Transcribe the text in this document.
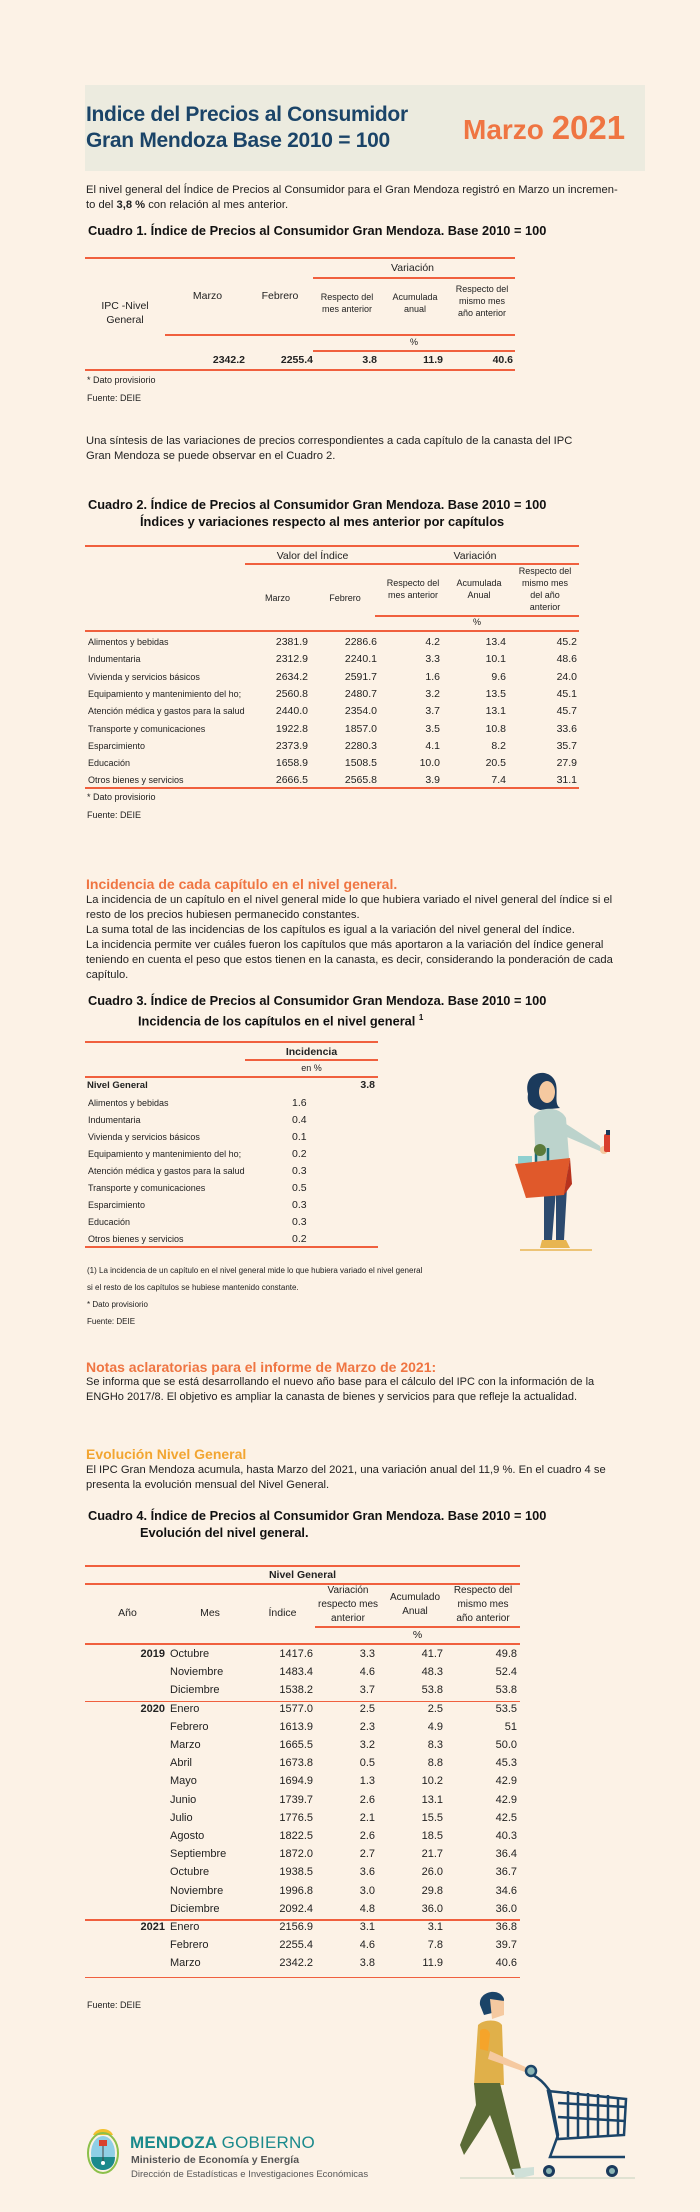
Indice del Precios al Consumidor
Gran Mendoza Base 2010 = 100	Marzo 2021
El nivel general del Índice de Precios al Consumidor para el Gran Mendoza registró en Marzo un incremen-
to del 3,8 % con relación al mes anterior.
Cuadro 1. Índice de Precios al Consumidor Gran Mendoza. Base 2010 = 100
Variación
IPC -Nivel
General
Marzo	Febrero	Respecto del
mes anterior
Acumulada
anual
Respecto del
mismo mes
año anterior
%
2342.2	2255.4	3.8	11.9	40.6
* Dato provisiorio
Fuente: DEIE
Una síntesis de las variaciones de precios correspondientes a cada capítulo de la canasta del IPC
Gran Mendoza se puede observar en el Cuadro 2.
Cuadro 2. Índice de Precios al Consumidor Gran Mendoza. Base 2010 = 100
Índices y variaciones respecto al mes anterior por capítulos
Valor del Índice	Variación
Marzo	Febrero
Respecto del
mes anterior
Acumulada
Anual
Respecto del
mismo mes
del año
anterior
%
Alimentos y bebidas	2381.9	2286.6	4.2	13.4	45.2
Indumentaria	2312.9	2240.1	3.3	10.1	48.6
Vivienda y servicios básicos	2634.2	2591.7	1.6	9.6	24.0
Equipamiento y mantenimiento del ho;	2560.8	2480.7	3.2	13.5	45.1
Atención médica y gastos para la salud	2440.0	2354.0	3.7	13.1	45.7
Transporte y comunicaciones	1922.8	1857.0	3.5	10.8	33.6
Esparcimiento	2373.9	2280.3	4.1	8.2	35.7
Educación	1658.9	1508.5	10.0	20.5	27.9
Otros bienes y servicios	2666.5	2565.8	3.9	7.4	31.1
* Dato provisiorio
Fuente: DEIE
Incidencia de cada capítulo en el nivel general.
La incidencia de un capítulo en el nivel general mide lo que hubiera variado el nivel general del índice si el
resto de los precios hubiesen permanecido constantes.
La suma total de las incidencias de los capítulos es igual a la variación del nivel general del índice.
La incidencia permite ver cuáles fueron los capítulos que más aportaron a la variación del índice general
teniendo en cuenta el peso que estos tienen en la canasta, es decir, considerando la ponderación de cada
capítulo.
Cuadro 3. Índice de Precios al Consumidor Gran Mendoza. Base 2010 = 100
Incidencia de los capítulos en el nivel general $^1$
Incidencia
en %
Nivel General	3.8
Alimentos y bebidas	1.6
Indumentaria	0.4
Vivienda y servicios básicos	0.1
Equipamiento y mantenimiento del ho;	0.2
Atención médica y gastos para la salud	0.3
Transporte y comunicaciones	0.5
Esparcimiento	0.3
Educación	0.3
Otros bienes y servicios	0.2
(1) La incidencia de un capítulo en el nivel general mide lo que hubiera variado el nivel general
si el resto de los capítulos se hubiese mantenido constante.
* Dato provisiorio
Fuente: DEIE
Notas aclaratorias para el informe de Marzo de 2021:
Se informa que se está desarrollando el nuevo año base para el cálculo del IPC con la información de la
ENGHo 2017/8. El objetivo es ampliar la canasta de bienes y servicios para que refleje la actualidad.
Evolución Nivel General
El IPC Gran Mendoza acumula, hasta Marzo del 2021, una variación anual del 11,9 %. En el cuadro 4 se
presenta la evolución mensual del Nivel General.
Cuadro 4. Índice de Precios al Consumidor Gran Mendoza. Base 2010 = 100
Evolución del nivel general.
Nivel General
Año	Mes	Índice
Variación
respecto mes
anterior
Acumulado
Anual
Respecto del
mismo mes
año anterior
%
2019 Octubre	1417.6	3.3	41.7	49.8
Noviembre	1483.4	4.6	48.3	52.4
Diciembre	1538.2	3.7	53.8	53.8
2020 Enero	1577.0	2.5	2.5	53.5
Febrero	1613.9	2.3	4.9	51
Marzo	1665.5	3.2	8.3	50.0
Abril	1673.8	0.5	8.8	45.3
Mayo	1694.9	1.3	10.2	42.9
Junio	1739.7	2.6	13.1	42.9
Julio	1776.5	2.1	15.5	42.5
Agosto	1822.5	2.6	18.5	40.3
Septiembre	1872.0	2.7	21.7	36.4
Octubre	1938.5	3.6	26.0	36.7
Noviembre	1996.8	3.0	29.8	34.6
Diciembre	2092.4	4.8	36.0	36.0
2021 Enero	2156.9	3.1	3.1	36.8
Febrero	2255.4	4.6	7.8	39.7
Marzo	2342.2	3.8	11.9	40.6
Fuente: DEIE
MENDOZA GOBIERNO
Ministerio de Economía y Energía
Dirección de Estadísticas e Investigaciones Económicas
